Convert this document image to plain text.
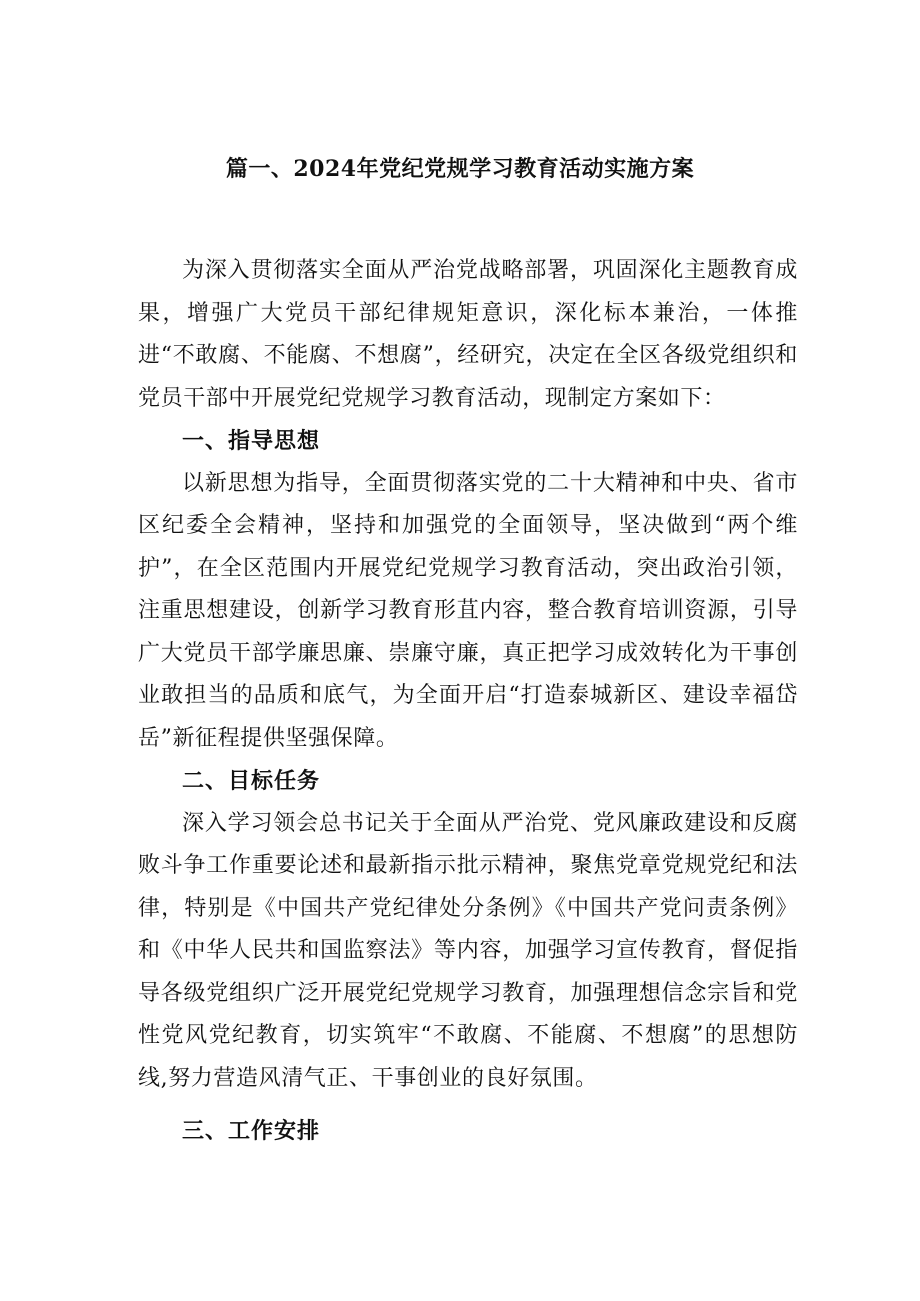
篇一、2024年党纪党规学习教育活动实施方案

为深入贯彻落实全面从严治党战略部署，巩固深化主题教育成果，增强广大党员干部纪律规矩意识，深化标本兼治，一体推进“不敢腐、不能腐、不想腐”，经研究，决定在全区各级党组织和党员干部中开展党纪党规学习教育活动，现制定方案如下：

一、指导思想

以新思想为指导，全面贯彻落实党的二十大精神和中央、省市区纪委全会精神，坚持和加强党的全面领导，坚决做到“两个维护”，在全区范围内开展党纪党规学习教育活动，突出政治引领，注重思想建设，创新学习教育形苴内容，整合教育培训资源，引导广大党员干部学廉思廉、崇廉守廉，真正把学习成效转化为干事创业敢担当的品质和底气，为全面开启“打造泰城新区、建设幸福岱岳”新征程提供坚强保障。

二、目标任务

深入学习领会总书记关于全面从严治党、党风廉政建设和反腐败斗争工作重要论述和最新指示批示精神，聚焦党章党规党纪和法律，特别是《中国共产党纪律处分条例》《中国共产党问责条例》和《中华人民共和国监察法》等内容，加强学习宣传教育，督促指导各级党组织广泛开展党纪党规学习教育，加强理想信念宗旨和党性党风党纪教育，切实筑牢“不敢腐、不能腐、不想腐”的思想防线,努力营造风清气正、干事创业的良好氛围。

三、工作安排
